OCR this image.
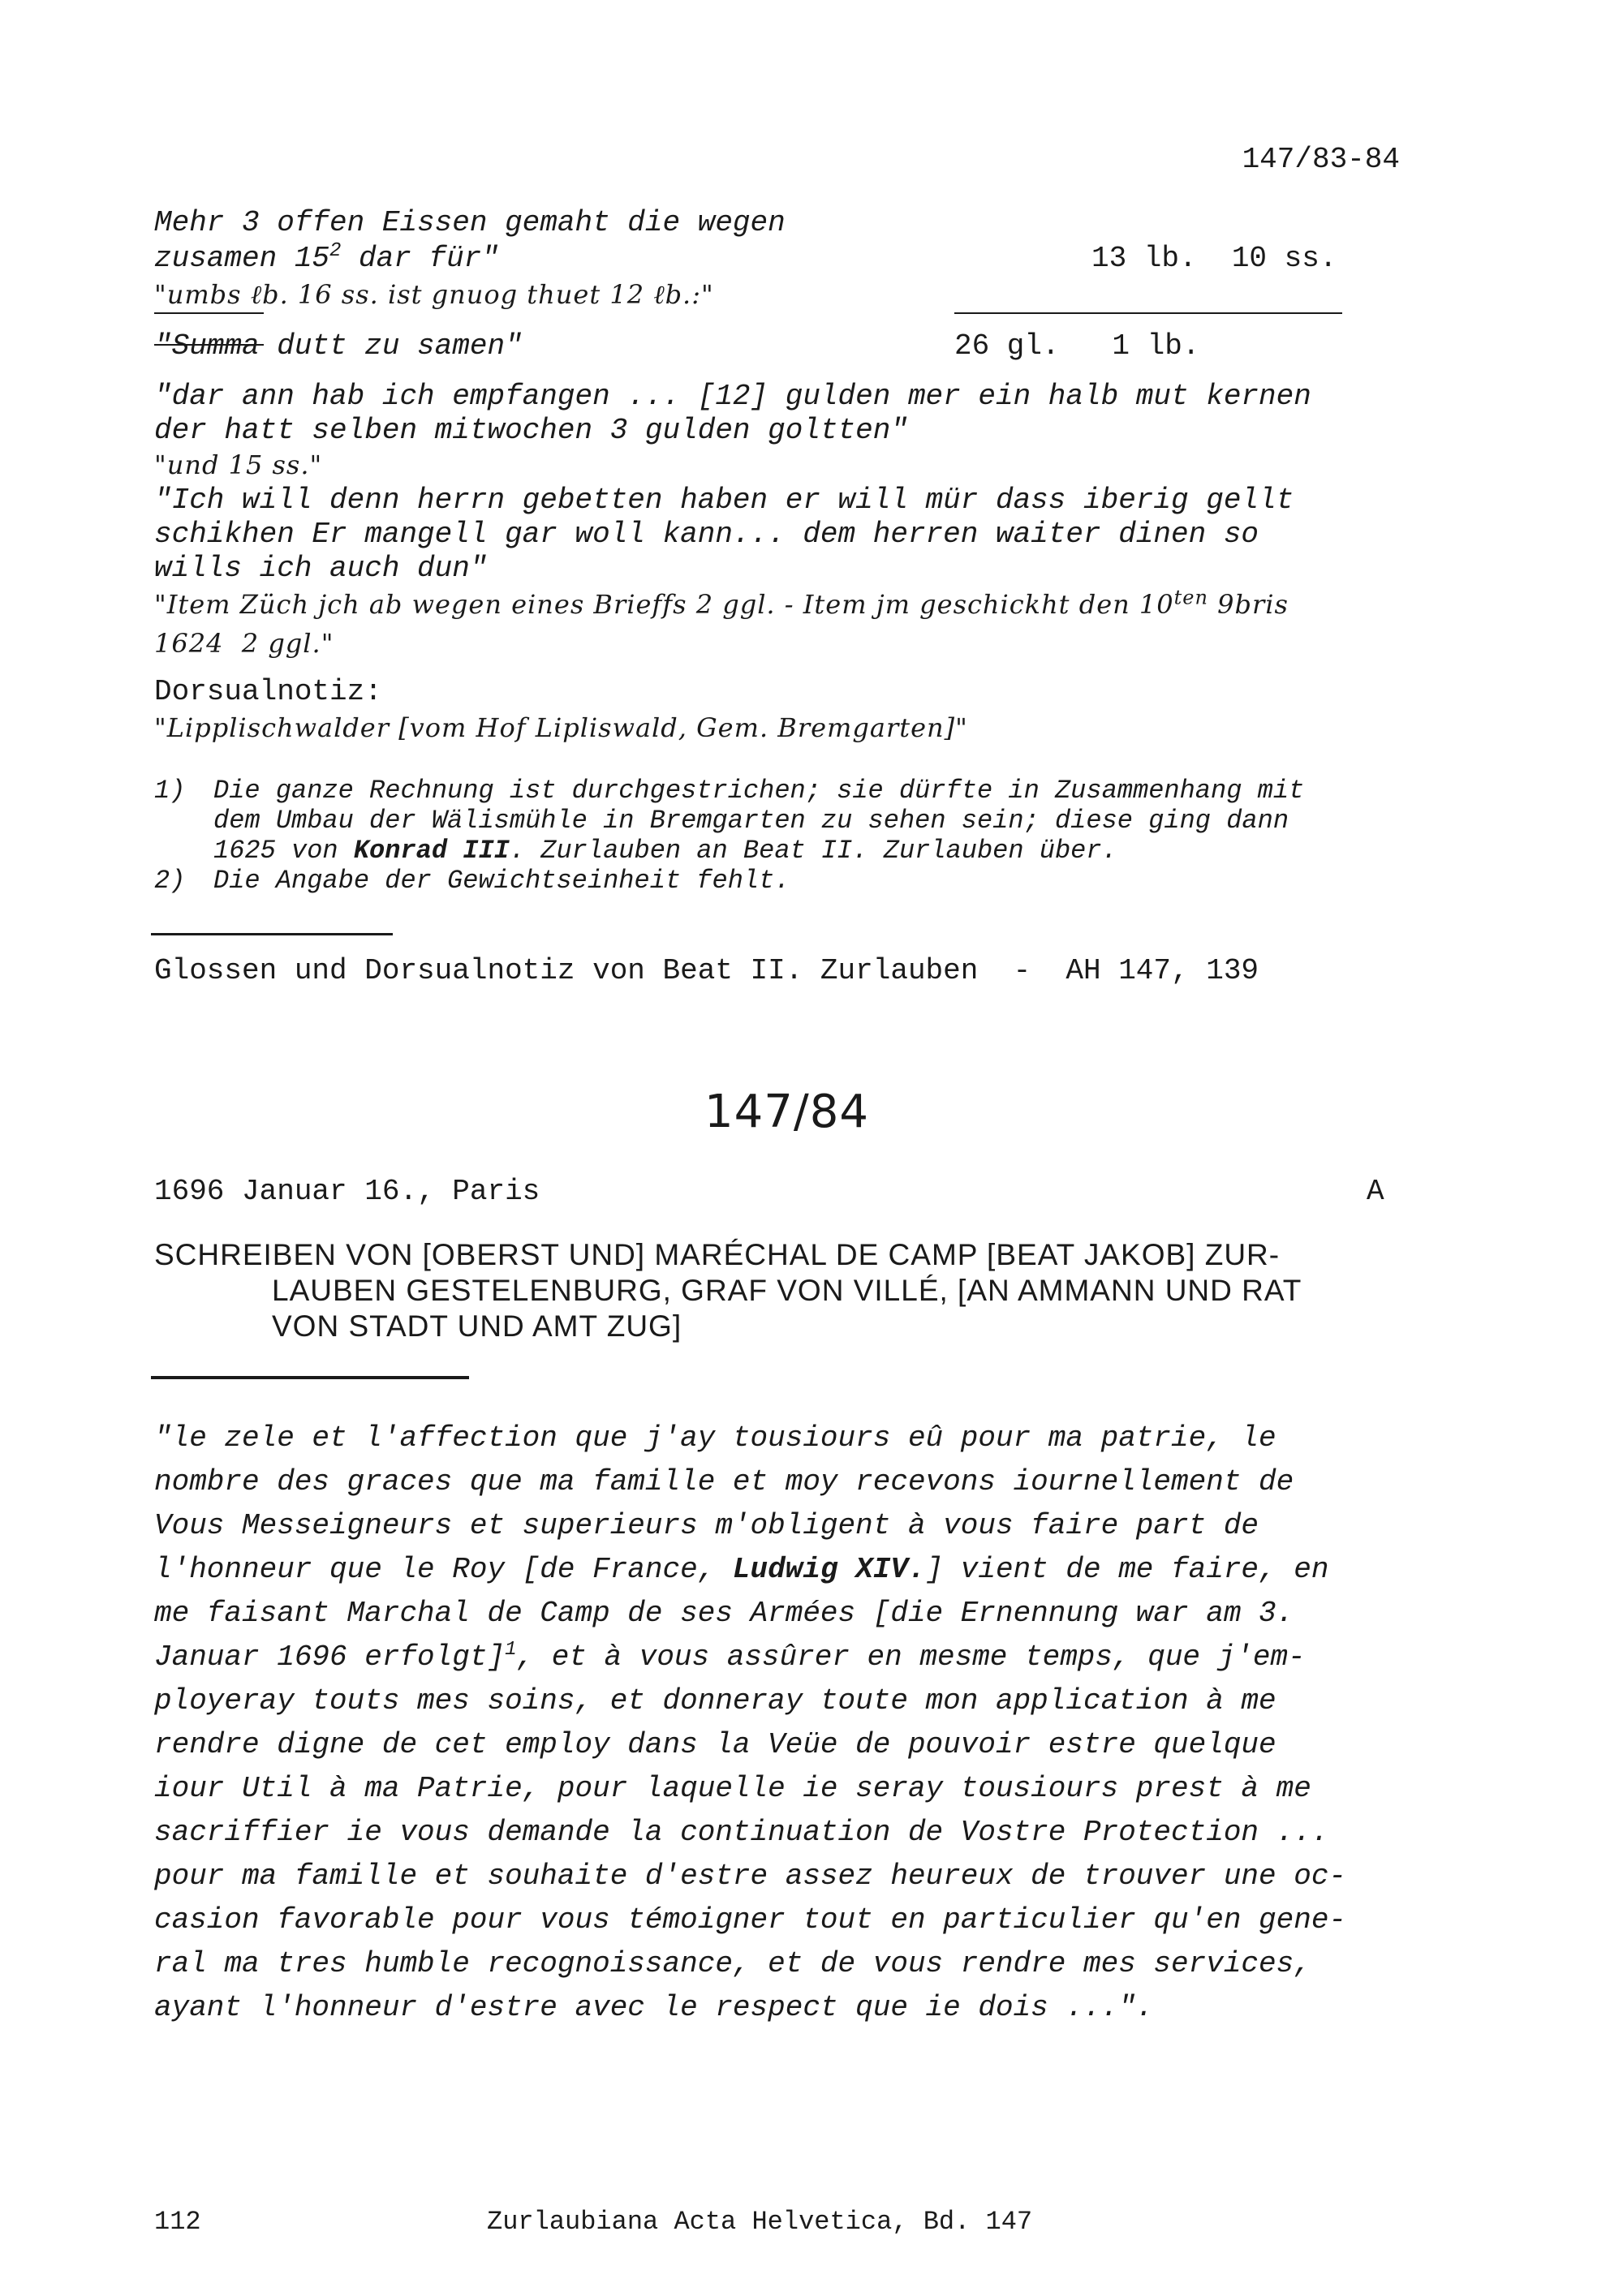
147/83-84
Mehr 3 offen Eissen gemaht die wegen
zusamen $15^2$ dar für"	13 lb.  10 ss.
"umbs ℓb. 16 ss. ist gnuog thuet 12 ℓb.:"
"Summa dutt zu samen"	26 gl.   1 lb.
"dar ann hab ich empfangen ... [12] gulden mer ein halb mut kernen
der hatt selben mitwochen 3 gulden goltten"
"und 15 ss."
"Ich will denn herrn gebetten haben er will mür dass iberig gellt
schikhen Er mangell gar woll kann... dem herren waiter dinen so
wills ich auch dun"
"Item Züch jch ab wegen eines Brieffs 2 ggl. - Item jm geschickht den $10^{ten}$ 9bris
1624  2 ggl."
Dorsualnotiz:
"Lipplischwalder [vom Hof Lipliswald, Gem. Bremgarten]"
1) Die ganze Rechnung ist durchgestrichen; sie dürfte in Zusammenhang mit
dem Umbau der Wälismühle in Bremgarten zu sehen sein; diese ging dann
1625 von Konrad III. Zurlauben an Beat II. Zurlauben über.
2) Die Angabe der Gewichtseinheit fehlt.
Glossen und Dorsualnotiz von Beat II. Zurlauben  -  AH 147, 139
147/84
1696 Januar 16., Paris	A
SCHREIBEN VON [OBERST UND] MARÉCHAL DE CAMP [BEAT JAKOB] ZUR-
LAUBEN GESTELENBURG, GRAF VON VILLÉ, [AN AMMANN UND RAT
VON STADT UND AMT ZUG]
"le zele et l'affection que j'ay tousiours eû pour ma patrie, le
nombre des graces que ma famille et moy recevons iournellement de
Vous Messeigneurs et superieurs m'obligent à vous faire part de
l'honneur que le Roy [de France, Ludwig XIV.] vient de me faire, en
me faisant Marchal de Camp de ses Armées [die Ernennung war am 3.
Januar 1696 erfolgt]$^1$, et à vous assûrer en mesme temps, que j'em-
ployeray touts mes soins, et donneray toute mon application à me
rendre digne de cet employ dans la Veüe de pouvoir estre quelque
iour Util à ma Patrie, pour laquelle ie seray tousiours prest à me
sacriffier ie vous demande la continuation de Vostre Protection ...
pour ma famille et souhaite d'estre assez heureux de trouver une oc-
casion favorable pour vous témoigner tout en particulier qu'en gene-
ral ma tres humble recognoissance, et de vous rendre mes services,
ayant l'honneur d'estre avec le respect que ie dois ...".
112	Zurlaubiana Acta Helvetica, Bd. 147
